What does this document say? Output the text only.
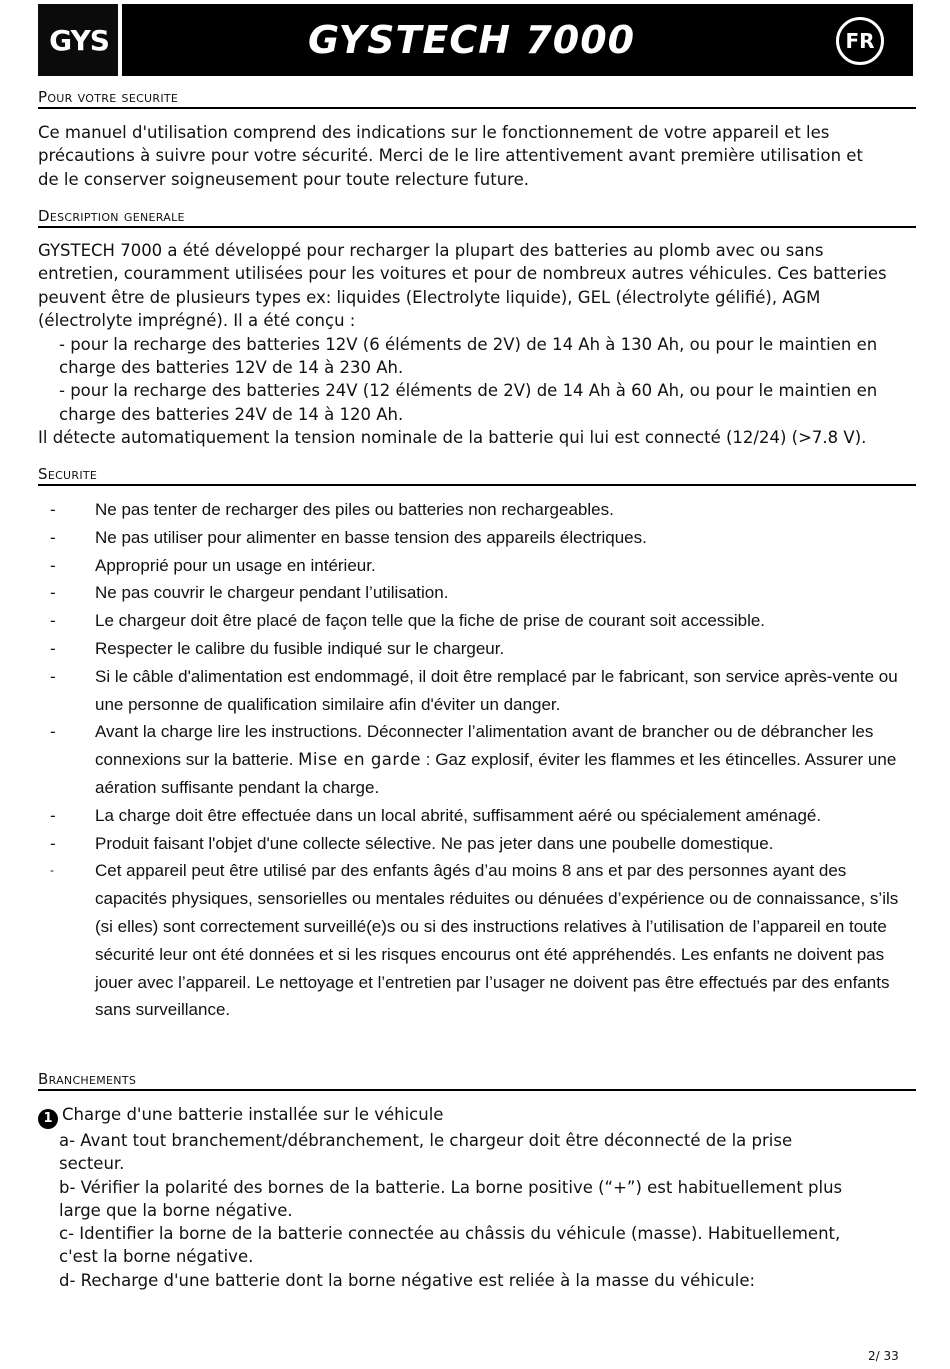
GYS	GYSTECH 7000	FR
Pour votre securite
Ce manuel d'utilisation comprend des indications sur le fonctionnement de votre appareil et les
précautions à suivre pour votre sécurité. Merci de le lire attentivement avant première utilisation et
de le conserver soigneusement pour toute relecture future.
Description generale
GYSTECH 7000 a été développé pour recharger la plupart des batteries au plomb avec ou sans
entretien, couramment utilisées pour les voitures et pour de nombreux autres véhicules. Ces batteries
peuvent être de plusieurs types ex: liquides (Electrolyte liquide), GEL (électrolyte gélifié), AGM
(électrolyte imprégné). Il a été conçu :
- pour la recharge des batteries 12V (6 éléments de 2V) de 14 Ah à 130 Ah, ou pour le maintien en
charge des batteries 12V de 14 à 230 Ah.
- pour la recharge des batteries 24V (12 éléments de 2V) de 14 Ah à 60 Ah, ou pour le maintien en
charge des batteries 24V de 14 à 120 Ah.
Il détecte automatiquement la tension nominale de la batterie qui lui est connecté (12/24) (>7.8 V).
Securite
- Ne pas tenter de recharger des piles ou batteries non rechargeables.
- Ne pas utiliser pour alimenter en basse tension des appareils électriques.
- Approprié pour un usage en intérieur.
- Ne pas couvrir le chargeur pendant l’utilisation.
- Le chargeur doit être placé de façon telle que la fiche de prise de courant soit accessible.
- Respecter le calibre du fusible indiqué sur le chargeur.
- Si le câble d'alimentation est endommagé, il doit être remplacé par le fabricant, son service après-vente ou une personne de qualification similaire afin d'éviter un danger.
- Avant la charge lire les instructions. Déconnecter l’alimentation avant de brancher ou de débrancher les connexions sur la batterie. Mise en garde : Gaz explosif, éviter les flammes et les étincelles. Assurer une aération suffisante pendant la charge.
- La charge doit être effectuée dans un local abrité, suffisamment aéré ou spécialement aménagé.
- Produit faisant l'objet d'une collecte sélective. Ne pas jeter dans une poubelle domestique.
- Cet appareil peut être utilisé par des enfants âgés d’au moins 8 ans et par des personnes ayant des capacités physiques, sensorielles ou mentales réduites ou dénuées d’expérience ou de connaissance, s’ils (si elles) sont correctement surveillé(e)s ou si des instructions relatives à l’utilisation de l’appareil en toute sécurité leur ont été données et si les risques encourus ont été appréhendés. Les enfants ne doivent pas jouer avec l’appareil. Le nettoyage et l’entretien par l’usager ne doivent pas être effectués par des enfants sans surveillance.
Branchements
1 Charge d'une batterie installée sur le véhicule
a- Avant tout branchement/débranchement, le chargeur doit être déconnecté de la prise
secteur.
b- Vérifier la polarité des bornes de la batterie. La borne positive (“+”) est habituellement plus
large que la borne négative.
c- Identifier la borne de la batterie connectée au châssis du véhicule (masse). Habituellement,
c'est la borne négative.
d- Recharge d'une batterie dont la borne négative est reliée à la masse du véhicule:
2/ 33
